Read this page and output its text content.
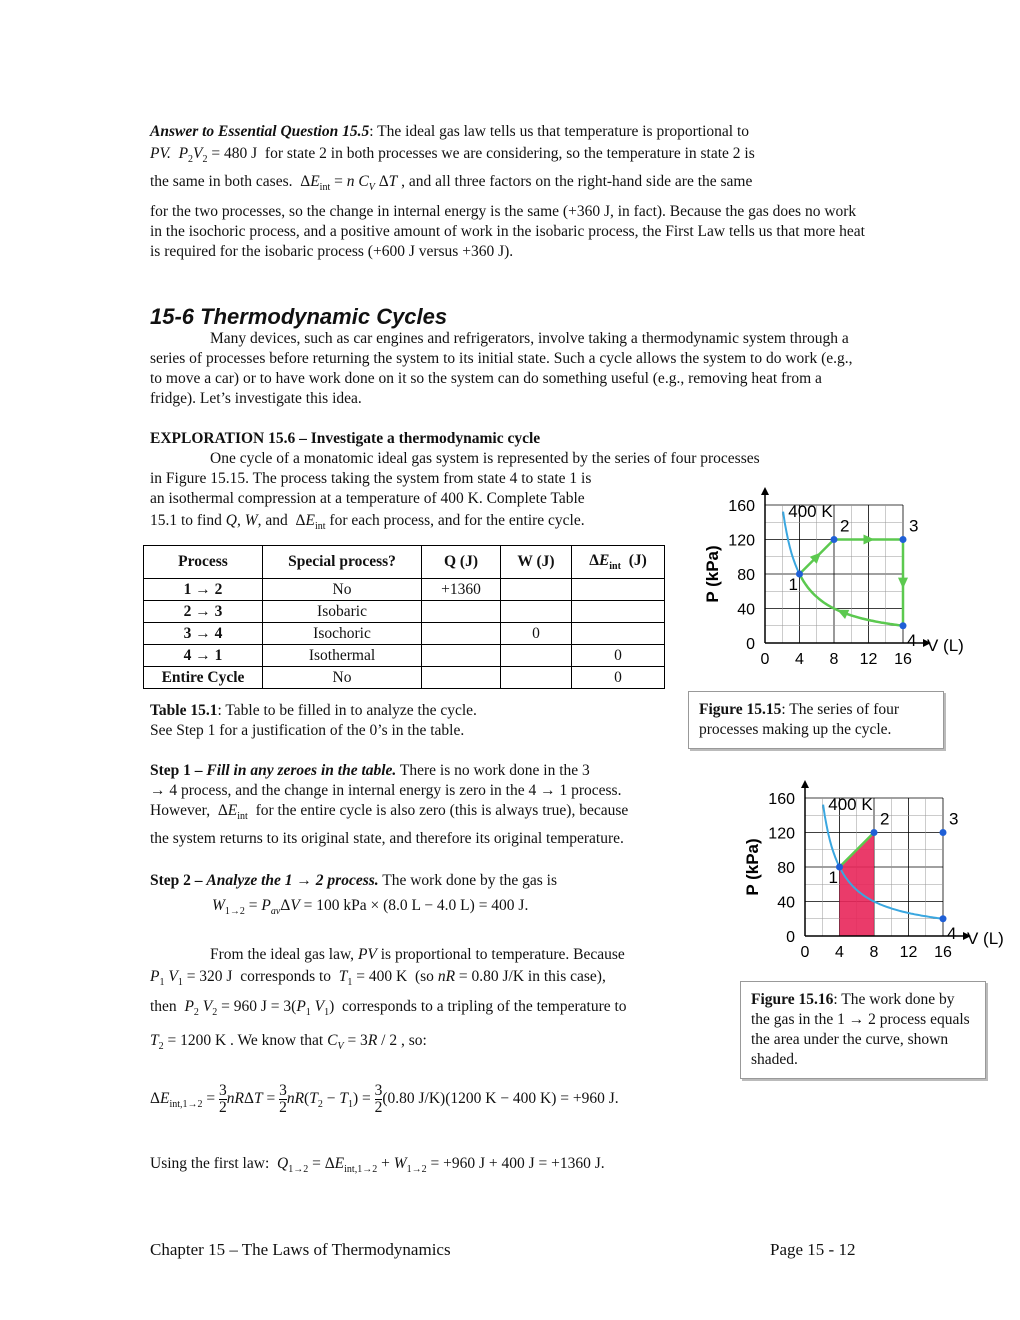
Answer to Essential Question 15.5: The ideal gas law tells us that temperature is proportional to
PV. $P_2V_2 = 480$ J for state 2 in both processes we are considering, so the temperature in state 2 is
the same in both cases. $\Delta E_{int} = n$ $C_V$ ΔT , and all three factors on the right-hand side are the same
for the two processes, so the change in internal energy is the same (+360 J, in fact). Because the gas does no work in the isochoric process, and a positive amount of work in the isobaric process, the First Law tells us that more heat is required for the isobaric process (+600 J versus +360 J).
15-6 Thermodynamic Cycles
Many devices, such as car engines and refrigerators, involve taking a thermodynamic system through a series of processes before returning the system to its initial state. Such a cycle allows the system to do work (e.g., to move a car) or to have work done on it so the system can do something useful (e.g., removing heat from a fridge). Let’s investigate this idea.
EXPLORATION 15.6 – Investigate a thermodynamic cycle
One cycle of a monatomic ideal gas system is represented by the series of four processes
in Figure 15.15. The process taking the system from state 4 to state 1 is
an isothermal compression at a temperature of 400 K. Complete Table
15.1 to find Q, W, and  $\Delta E_{int}$ for each process, and for the entire cycle.
Process	Special process?	Q (J)	W (J)	$\Delta E_{int}$  (J)
1 → 2	No	+1360		
2 → 3	Isobaric			
3 → 4	Isochoric		0	
4 → 1	Isothermal			0
Entire Cycle	No			0
Table 15.1: Table to be filled in to analyze the cycle.
See Step 1 for a justification of the 0’s in the table.
0
40
80
120
160
0 4 8 12 16
V (L)
P (kPa)
400 K
1
2	3
4
Figure 15.15: The series of four processes making up the cycle.
Step 1 – Fill in any zeroes in the table. There is no work done in the 3
→ 4 process, and the change in internal energy is zero in the 4 → 1 process.
However,  $\Delta E_{int}$ for the entire cycle is also zero (this is always true), because
the system returns to its original state, and therefore its original temperature.
0
40
80
120
160
0 4 8 12 16
V (L)
P (kPa)
400 K
1
2	3
4
Figure 15.16: The work done by the gas in the 1 → 2 process equals the area under the curve, shown shaded.
Step 2 – Analyze the 1 → 2 process. The work done by the gas is
$W_{1\to 2} = P_{av}\Delta V = 100$ kPa × (8.0 L − 4.0 L) = 400 J.
From the ideal gas law, PV is proportional to temperature. Because
$P_1$ $V_1 = 320$ J  corresponds to $T_1 = 400$ K  (so nR = 0.80 J/K in this case),
then $P_2$ $V_2 = 960$ $J = 3(P_1$ $V_1$)  corresponds to a tripling of the temperature to
$T_2 = 1200$ K . We know that $C_V = 3R / 2$ , so:
$\Delta E_{int,1\to 2} = \frac{3}{2}$ $nR\Delta T = \frac{3}{2} nR(T_2 - T_1) = \frac{3}{2} (0.80$ J/K)(1200 K − 400 K) = +960 J.
Using the first law: $Q_{1\to 2} = \Delta E_{int,1\to 2} + W_{1\to 2} = +960$ J + 400 J = +1360 J.
Chapter 15 – The Laws of Thermodynamics	Page 15 - 12
